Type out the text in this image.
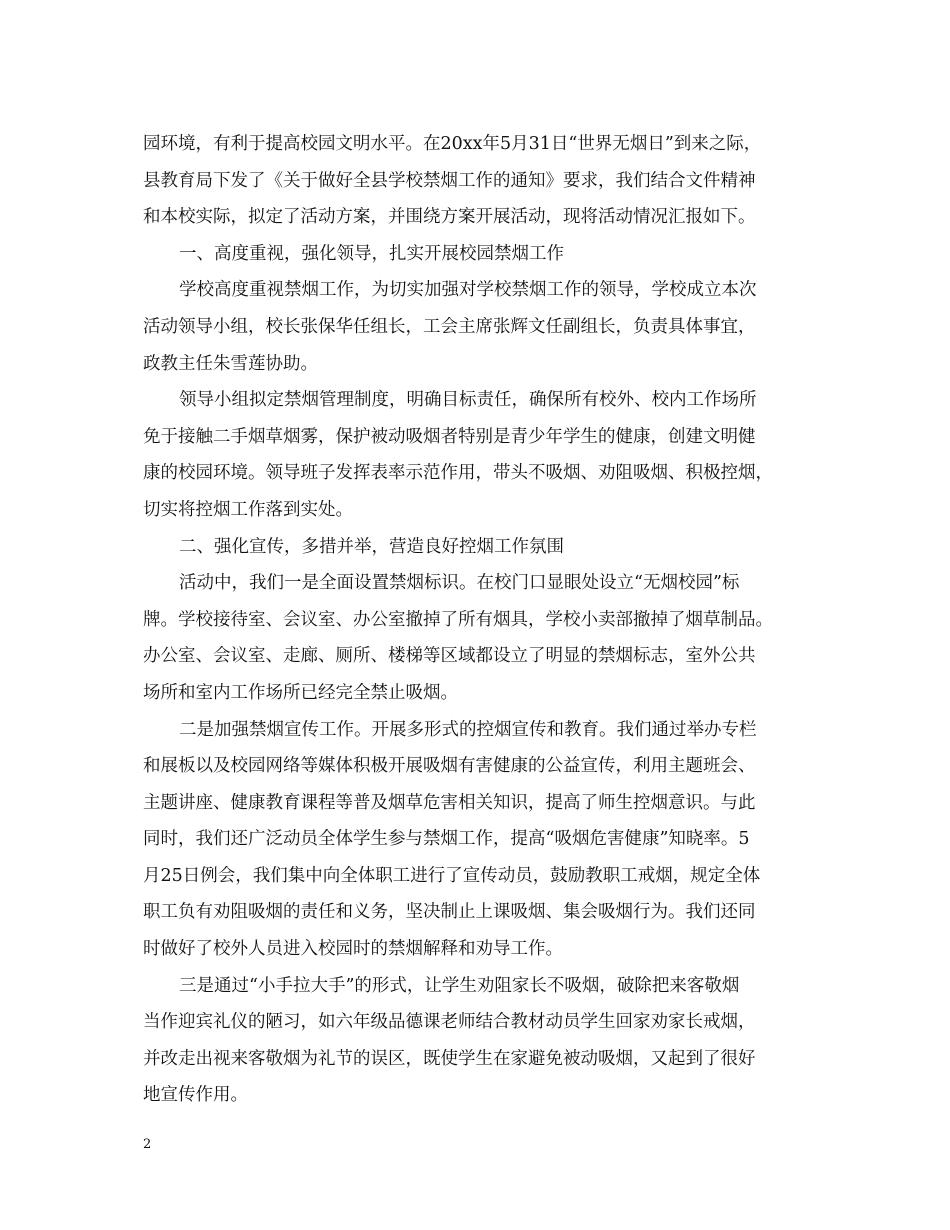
园环境，有利于提高校园文明水平。在20xx年5月31日“世界无烟日”到来之际，
县教育局下发了《关于做好全县学校禁烟工作的通知》要求，我们结合文件精神
和本校实际，拟定了活动方案，并围绕方案开展活动，现将活动情况汇报如下。
一、高度重视，强化领导，扎实开展校园禁烟工作
学校高度重视禁烟工作，为切实加强对学校禁烟工作的领导，学校成立本次
活动领导小组，校长张保华任组长，工会主席张辉文任副组长，负责具体事宜，
政教主任朱雪莲协助。
领导小组拟定禁烟管理制度，明确目标责任，确保所有校外、校内工作场所
免于接触二手烟草烟雾，保护被动吸烟者特别是青少年学生的健康，创建文明健
康的校园环境。领导班子发挥表率示范作用，带头不吸烟、劝阻吸烟、积极控烟，
切实将控烟工作落到实处。
二、强化宣传，多措并举，营造良好控烟工作氛围
活动中，我们一是全面设置禁烟标识。在校门口显眼处设立“无烟校园”标
牌。学校接待室、会议室、办公室撤掉了所有烟具，学校小卖部撤掉了烟草制品。
办公室、会议室、走廊、厕所、楼梯等区域都设立了明显的禁烟标志，室外公共
场所和室内工作场所已经完全禁止吸烟。
二是加强禁烟宣传工作。开展多形式的控烟宣传和教育。我们通过举办专栏
和展板以及校园网络等媒体积极开展吸烟有害健康的公益宣传，利用主题班会、
主题讲座、健康教育课程等普及烟草危害相关知识，提高了师生控烟意识。与此
同时，我们还广泛动员全体学生参与禁烟工作，提高“吸烟危害健康”知晓率。5
月25日例会，我们集中向全体职工进行了宣传动员，鼓励教职工戒烟，规定全体
职工负有劝阻吸烟的责任和义务，坚决制止上课吸烟、集会吸烟行为。我们还同
时做好了校外人员进入校园时的禁烟解释和劝导工作。
三是通过“小手拉大手”的形式，让学生劝阻家长不吸烟，破除把来客敬烟
当作迎宾礼仪的陋习，如六年级品德课老师结合教材动员学生回家劝家长戒烟，
并改走出视来客敬烟为礼节的误区，既使学生在家避免被动吸烟，又起到了很好
地宣传作用。
2
